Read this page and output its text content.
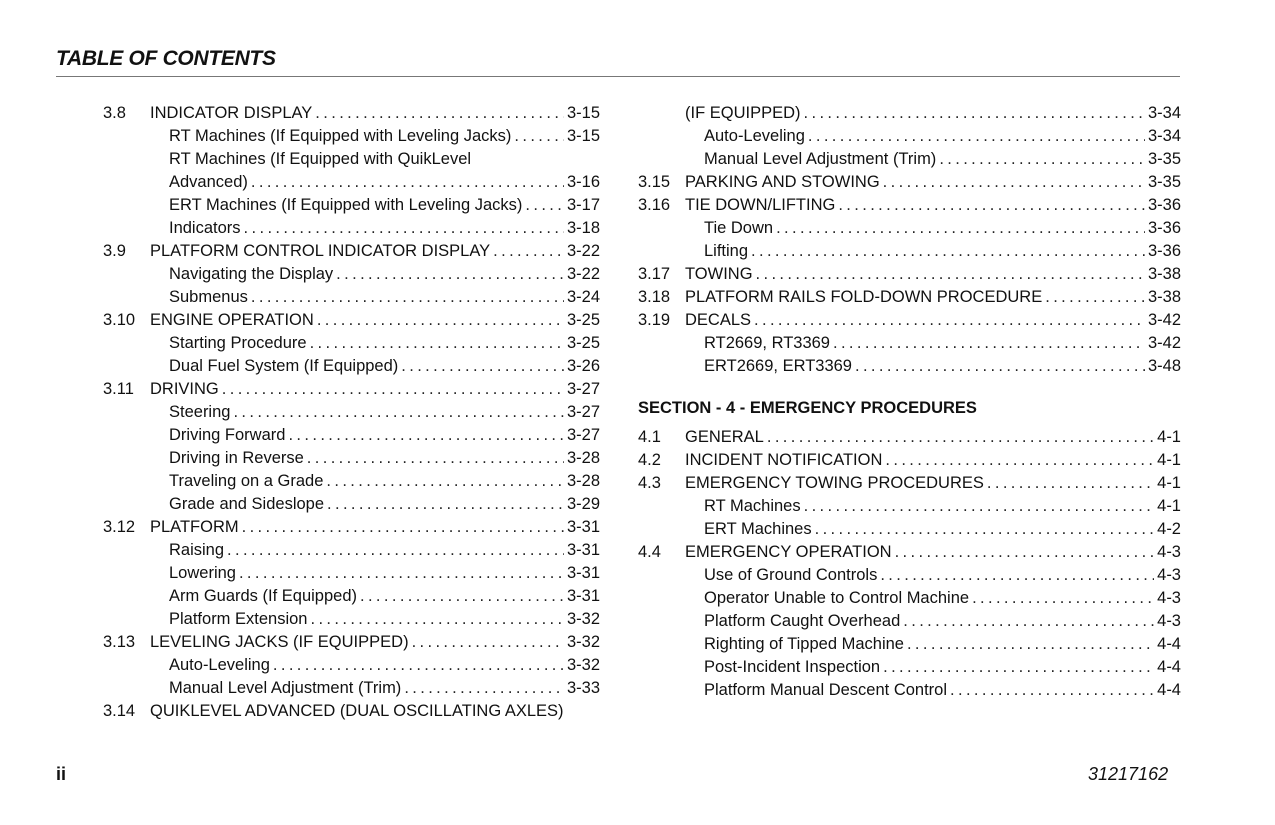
TABLE OF CONTENTS
3.8	INDICATOR DISPLAY . . .	3-15
RT Machines (If Equipped with Leveling Jacks) . . .	3-15
RT Machines (If Equipped with QuikLevel
Advanced) . . .	3-16
ERT Machines (If Equipped with Leveling Jacks) . . .	3-17
Indicators . . .	3-18
3.9	PLATFORM CONTROL INDICATOR DISPLAY . . .	3-22
Navigating the Display . . .	3-22
Submenus . . .	3-24
3.10 ENGINE OPERATION . . .	3-25
Starting Procedure . . .	3-25
Dual Fuel System (If Equipped) . . .	3-26
3.11 DRIVING . . .	3-27
Steering . . .	3-27
Driving Forward . . .	3-27
Driving in Reverse . . .	3-28
Traveling on a Grade . . .	3-28
Grade and Sideslope . . .	3-29
3.12 PLATFORM . . .	3-31
Raising . . .	3-31
Lowering . . .	3-31
Arm Guards (If Equipped) . . .	3-31
Platform Extension . . .	3-32
3.13 LEVELING JACKS (IF EQUIPPED) . . .	3-32
Auto-Leveling . . .	3-32
Manual Level Adjustment (Trim) . . .	3-33
3.14 QUIKLEVEL ADVANCED (DUAL OSCILLATING AXLES)
(IF EQUIPPED) . . .	3-34
Auto-Leveling . . .	3-34
Manual Level Adjustment (Trim) . . .	3-35
3.15 PARKING AND STOWING . . .	3-35
3.16 TIE DOWN/LIFTING . . .	3-36
Tie Down . . .	3-36
Lifting . . .	3-36
3.17 TOWING . . .	3-38
3.18 PLATFORM RAILS FOLD-DOWN PROCEDURE . . .	3-38
3.19 DECALS . . .	3-42
RT2669, RT3369 . . .	3-42
ERT2669, ERT3369 . . .	3-48
SECTION - 4 - EMERGENCY PROCEDURES
4.1	GENERAL . . .	4-1
4.2	INCIDENT NOTIFICATION . . .	4-1
4.3	EMERGENCY TOWING PROCEDURES . . .	4-1
RT Machines . . .	4-1
ERT Machines . . .	4-2
4.4	EMERGENCY OPERATION . . .	4-3
Use of Ground Controls . . .	4-3
Operator Unable to Control Machine . . .	4-3
Platform Caught Overhead . . .	4-3
Righting of Tipped Machine . . .	4-4
Post-Incident Inspection . . .	4-4
Platform Manual Descent Control . . .	4-4
ii	31217162
